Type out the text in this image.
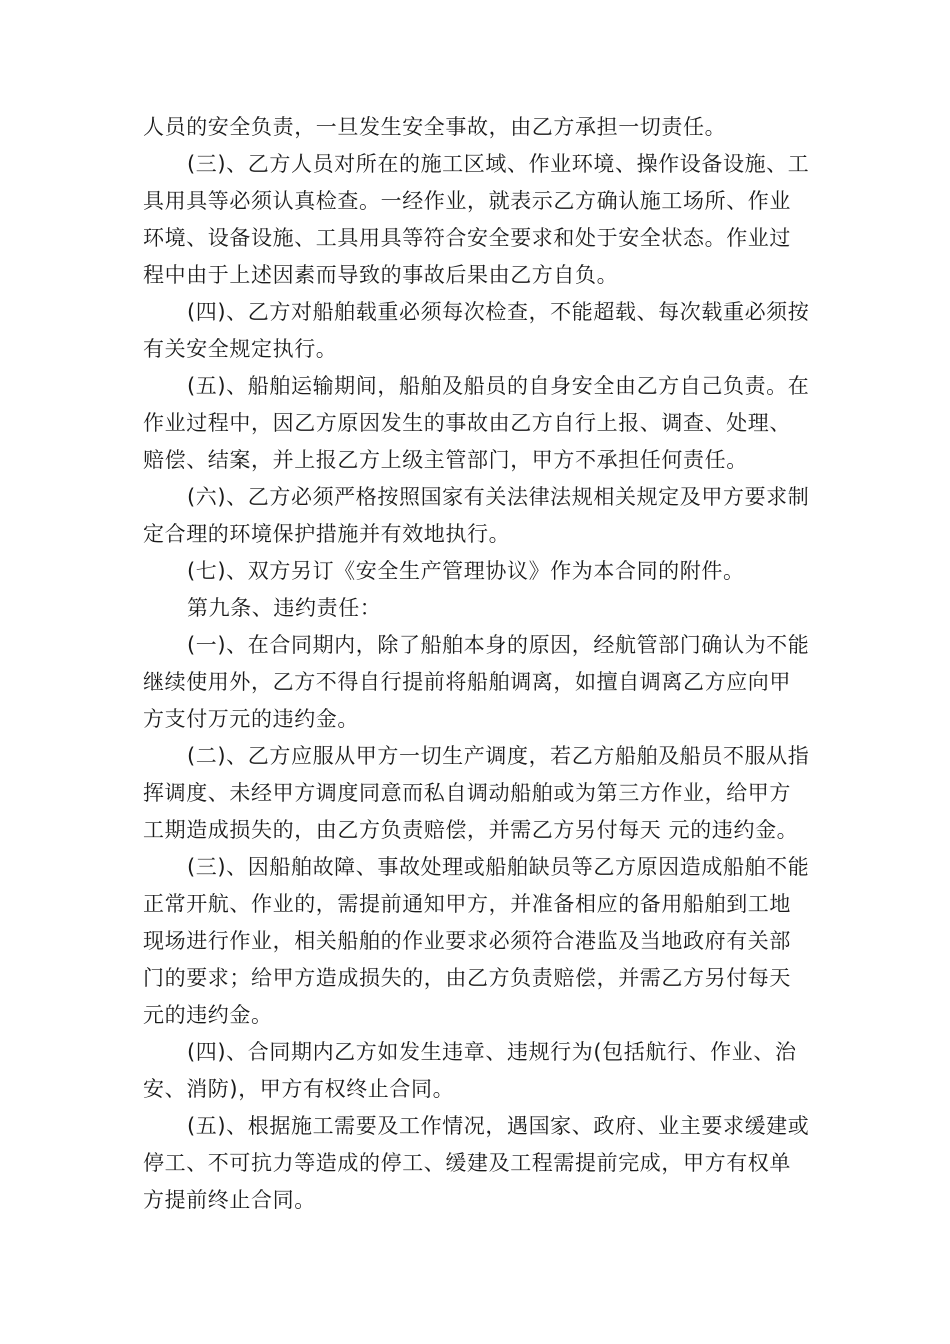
人员的安全负责，一旦发生安全事故，由乙方承担一切责任。
(三)、乙方人员对所在的施工区域、作业环境、操作设备设施、工
具用具等必须认真检查。一经作业，就表示乙方确认施工场所、作业
环境、设备设施、工具用具等符合安全要求和处于安全状态。作业过
程中由于上述因素而导致的事故后果由乙方自负。
(四)、乙方对船舶载重必须每次检查，不能超载、每次载重必须按
有关安全规定执行。
(五)、船舶运输期间，船舶及船员的自身安全由乙方自己负责。在
作业过程中，因乙方原因发生的事故由乙方自行上报、调查、处理、
赔偿、结案，并上报乙方上级主管部门，甲方不承担任何责任。
(六)、乙方必须严格按照国家有关法律法规相关规定及甲方要求制
定合理的环境保护措施并有效地执行。
(七)、双方另订《安全生产管理协议》作为本合同的附件。
第九条、违约责任：
(一)、在合同期内，除了船舶本身的原因，经航管部门确认为不能
继续使用外，乙方不得自行提前将船舶调离，如擅自调离乙方应向甲
方支付万元的违约金。
(二)、乙方应服从甲方一切生产调度，若乙方船舶及船员不服从指
挥调度、未经甲方调度同意而私自调动船舶或为第三方作业，给甲方
工期造成损失的，由乙方负责赔偿，并需乙方另付每天 元的违约金。
(三)、因船舶故障、事故处理或船舶缺员等乙方原因造成船舶不能
正常开航、作业的，需提前通知甲方，并准备相应的备用船舶到工地
现场进行作业，相关船舶的作业要求必须符合港监及当地政府有关部
门的要求；给甲方造成损失的，由乙方负责赔偿，并需乙方另付每天
元的违约金。
(四)、合同期内乙方如发生违章、违规行为(包括航行、作业、治
安、消防)，甲方有权终止合同。
(五)、根据施工需要及工作情况，遇国家、政府、业主要求缓建或
停工、不可抗力等造成的停工、缓建及工程需提前完成，甲方有权单
方提前终止合同。
